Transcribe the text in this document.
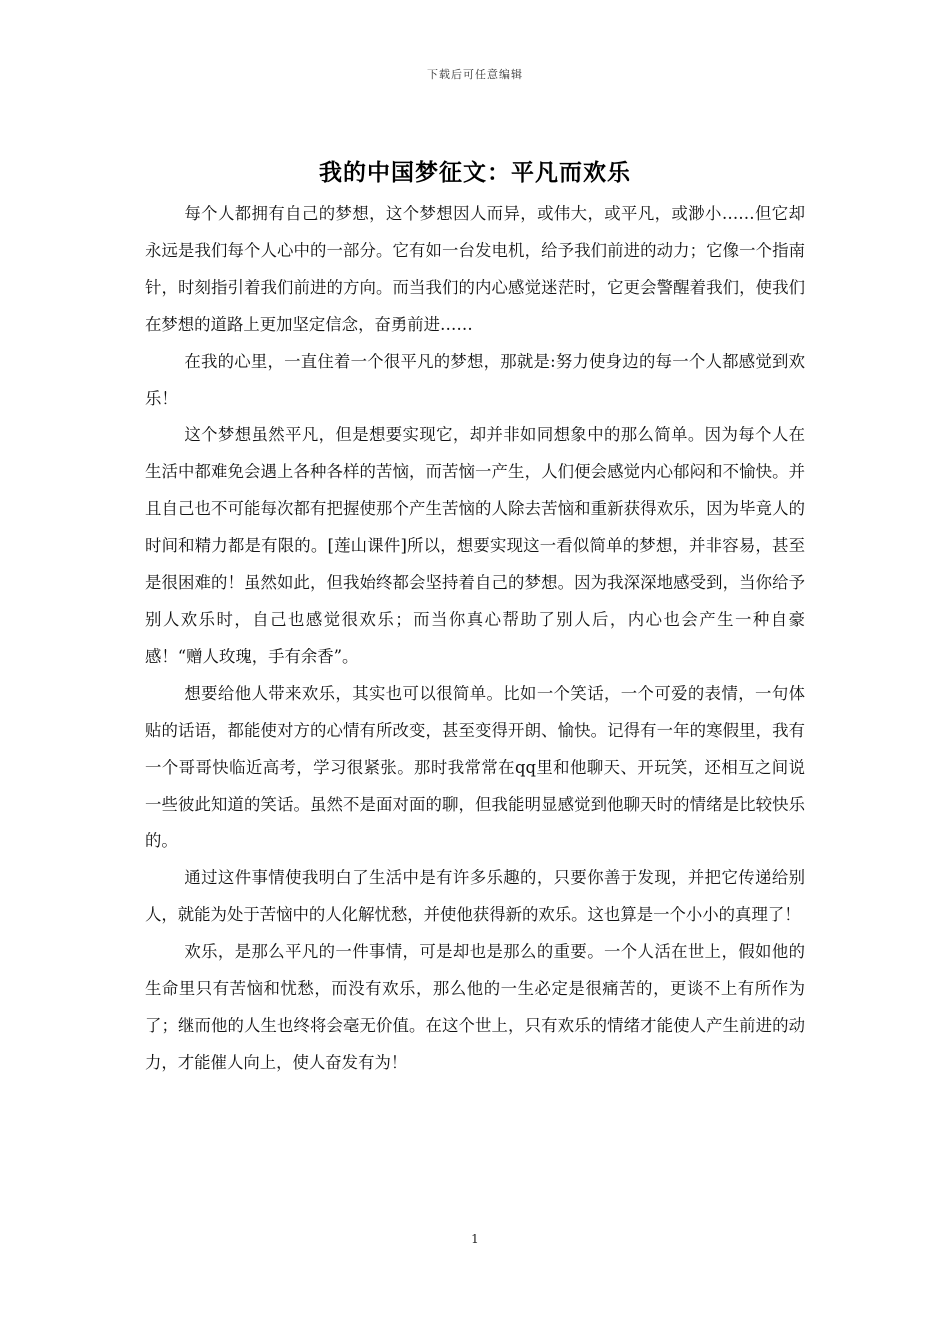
下载后可任意编辑
我的中国梦征文：平凡而欢乐

每个人都拥有自己的梦想，这个梦想因人而异，或伟大，或平凡，或渺小……但它却永远是我们每个人心中的一部分。它有如一台发电机，给予我们前进的动力；它像一个指南针，时刻指引着我们前进的方向。而当我们的内心感觉迷茫时，它更会警醒着我们，使我们在梦想的道路上更加坚定信念，奋勇前进……

在我的心里，一直住着一个很平凡的梦想，那就是:努力使身边的每一个人都感觉到欢乐！

这个梦想虽然平凡，但是想要实现它，却并非如同想象中的那么简单。因为每个人在生活中都难免会遇上各种各样的苦恼，而苦恼一产生，人们便会感觉内心郁闷和不愉快。并且自己也不可能每次都有把握使那个产生苦恼的人除去苦恼和重新获得欢乐，因为毕竟人的时间和精力都是有限的。[莲山课件]所以，想要实现这一看似简单的梦想，并非容易，甚至是很困难的！虽然如此，但我始终都会坚持着自己的梦想。因为我深深地感受到，当你给予别人欢乐时，自己也感觉很欢乐；而当你真心帮助了别人后，内心也会产生一种自豪感！“赠人玫瑰，手有余香”。

想要给他人带来欢乐，其实也可以很简单。比如一个笑话，一个可爱的表情，一句体贴的话语，都能使对方的心情有所改变，甚至变得开朗、愉快。记得有一年的寒假里，我有一个哥哥快临近高考，学习很紧张。那时我常常在qq里和他聊天、开玩笑，还相互之间说一些彼此知道的笑话。虽然不是面对面的聊，但我能明显感觉到他聊天时的情绪是比较快乐的。

通过这件事情使我明白了生活中是有许多乐趣的，只要你善于发现，并把它传递给别人，就能为处于苦恼中的人化解忧愁，并使他获得新的欢乐。这也算是一个小小的真理了！

欢乐，是那么平凡的一件事情，可是却也是那么的重要。一个人活在世上，假如他的生命里只有苦恼和忧愁，而没有欢乐，那么他的一生必定是很痛苦的，更谈不上有所作为了；继而他的人生也终将会毫无价值。在这个世上，只有欢乐的情绪才能使人产生前进的动力，才能催人向上，使人奋发有为！

1
